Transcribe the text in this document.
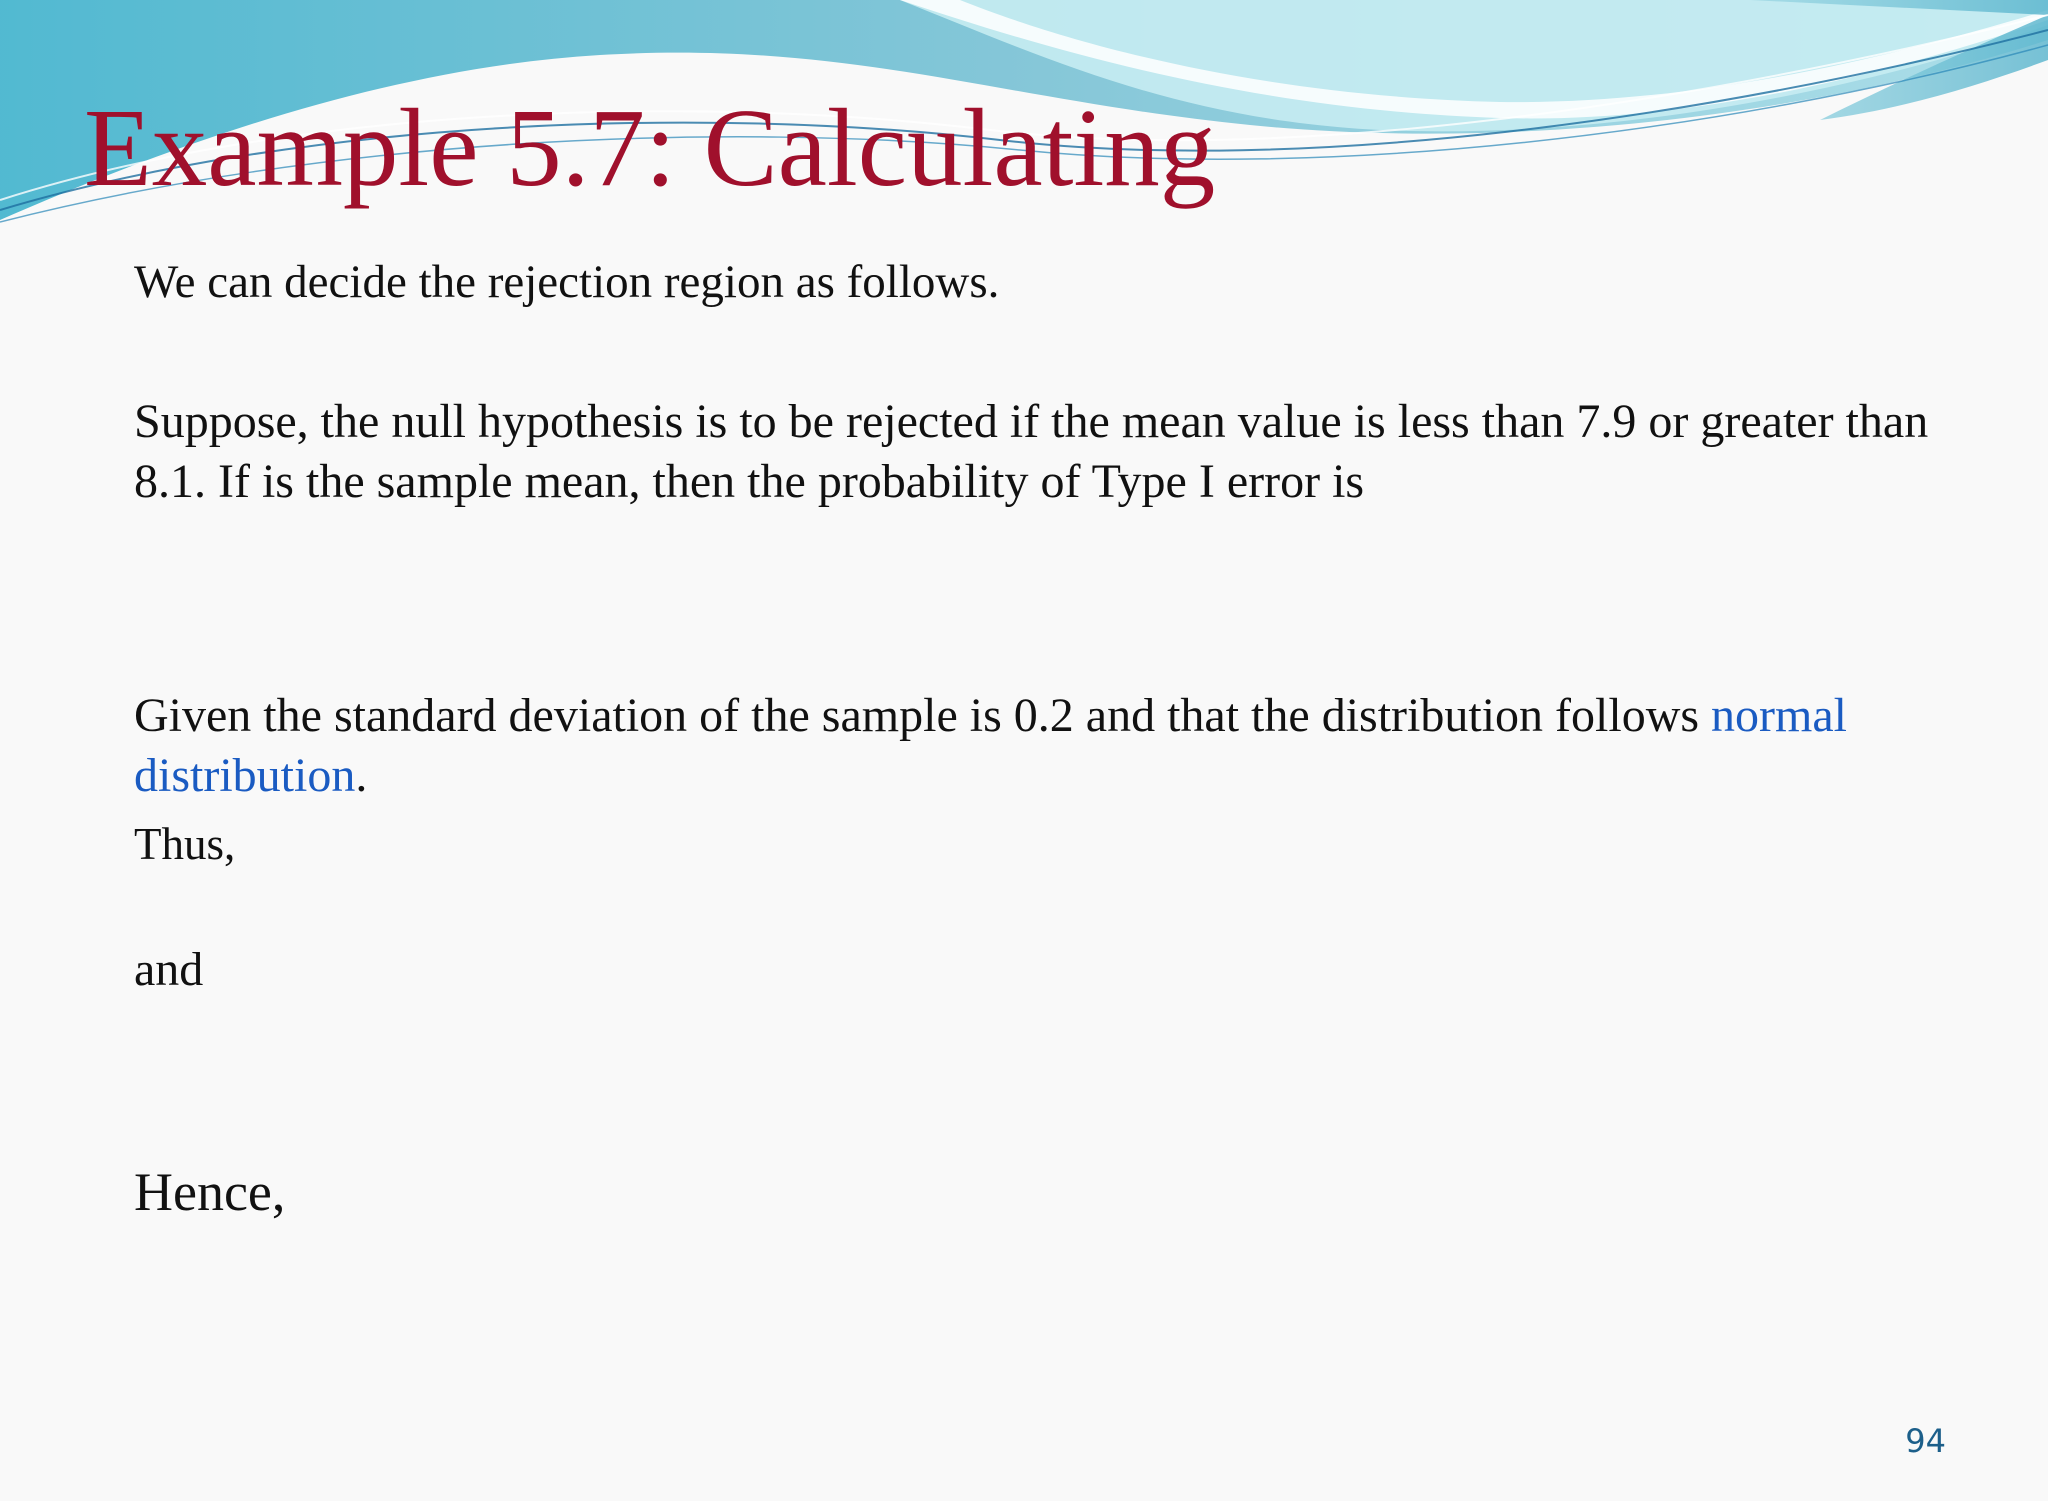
Example 5.7: Calculating

We can decide the rejection region as follows.

Suppose, the null hypothesis is to be rejected if the mean value is less than 7.9 or greater than 8.1. If is the sample mean, then the probability of Type I error is

Given the standard deviation of the sample is 0.2 and that the distribution follows normal distribution.

Thus,

and

Hence,

94
